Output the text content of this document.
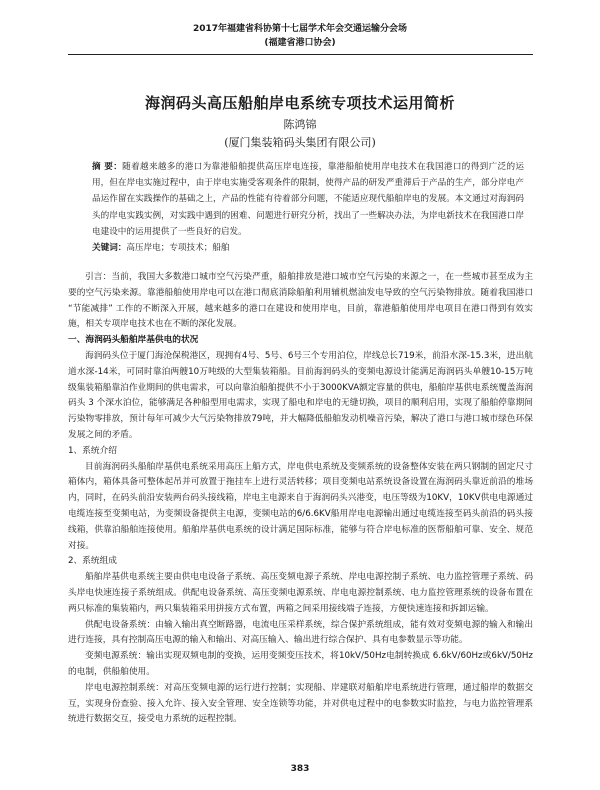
2017年福建省科协第十七届学术年会交通运输分会场
(福建省港口协会)
海润码头高压船舶岸电系统专项技术运用简析
陈鸿锦
(厦门集装箱码头集团有限公司)
摘 要：随着越来越多的港口为靠港船舶提供高压岸电连接，靠港船舶使用岸电技术在我国港口的得到广泛的运用，但在岸电实施过程中，由于岸电实施受客观条件的限制，使得产品的研发严重滞后于产品的生产，部分岸电产品运作留在实践操作的基础之上，产品的性能有待着部分问题，不能适应现代船舶岸电的发展。本文通过对海润码头的岸电实践实例，对实践中遇到的困难、问题进行研究分析，找出了一些解决办法，为岸电新技术在我国港口岸电建设中的运用提供了一些良好的启发。
关键词：高压岸电；专项技术；船舶

引言：当前，我国大多数港口城市空气污染严重，船舶排放是港口城市空气污染的来源之一，在一些城市甚至成为主要的空气污染来源。靠港船舶使用岸电可以在港口彻底消除船舶利用辅机燃油发电导致的空气污染物排放。随着我国港口 “节能减排” 工作的不断深入开展，越来越多的港口在建设和使用岸电，目前，靠港船舶使用岸电项目在港口得到有效实施，相关专项岸电技术也在不断的深化发展。

一、海润码头船舶岸基供电的状况

海润码头位于厦门海沧保税港区，现拥有4号、5号、6号三个专用泊位，岸线总长719米，前沿水深-15.3米，进出航道水深-14米，可同时靠泊两艘10万吨级的大型集装箱船。目前海润码头的变频电源设计能满足海润码头单艘10-15万吨级集装箱船靠泊作业期间的供电需求，可以向靠泊船舶提供不小于3000KVA额定容量的供电，船舶岸基供电系统覆盖海润码头 3 个深水泊位，能够满足各种船型用电需求，实现了船电和岸电的无缝切换，项目的顺利启用，实现了船舶停靠期间污染物零排放，预计每年可减少大气污染物排放79吨，并大幅降低船舶发动机噪音污染，解决了港口与港口城市绿色环保发展之间的矛盾。

1、系统介绍

目前海润码头船舶岸基供电系统采用高压上船方式，岸电供电系统及变频系统的设备整体安装在两只钢制的固定尺寸箱体内，箱体具备可整体起吊并可放置于拖挂车上进行灵活转移；项目变频电站系统设备设置在海润码头靠近前沿的堆场内，同时，在码头前沿安装两台码头接线箱，岸电主电源来自于海润码头兴港变，电压等级为10KV，10KV供电电源通过电缆连接至变频电站，为变频设备提供主电源，变频电站的6/6.6KV船用岸电电源输出通过电缆连接至码头前沿的码头接线箱，供靠泊船舶连接使用。船舶岸基供电系统的设计满足国际标准，能够与符合岸电标准的医帮船舶可靠、安全、规范对接。

2、系统组成

船舶岸基供电系统主要由供电电设备子系统、高压变频电源子系统、岸电电源控制子系统、电力监控管理子系统、码头岸电快速连接子系统组成。供配电设备系统、高压变频电源系统、岸电电源控制系统、电力监控管理系统的设备布置在两只标准的集装箱内，两只集装箱采用拼接方式布置，两箱之间采用接线端子连接，方便快速连接和拆卸运输。

供配电设备系统：由输入输出真空断路器，电流电压采样系统，综合保护系统组成，能有效对变频电源的输入和输出进行连接，具有控制高压电源的输入和输出、对高压输入、输出进行综合保护、具有电参数显示等功能。

变频电源系统：输出实现双频电制的变换，运用变频变压技术，将10kV/50Hz电制转换成 6.6kV/60Hz或6kV/50Hz的电制，供船舶使用。

岸电电源控制系统：对高压变频电源的运行进行控制；实现船、岸建联对船舶岸电系统进行管理，通过船岸的数据交互，实现身份查验、接入允许、接入安全管理、安全连锁等功能，并对供电过程中的电参数实时监控，与电力监控管理系统进行数据交互，接受电力系统的远程控制。

383
